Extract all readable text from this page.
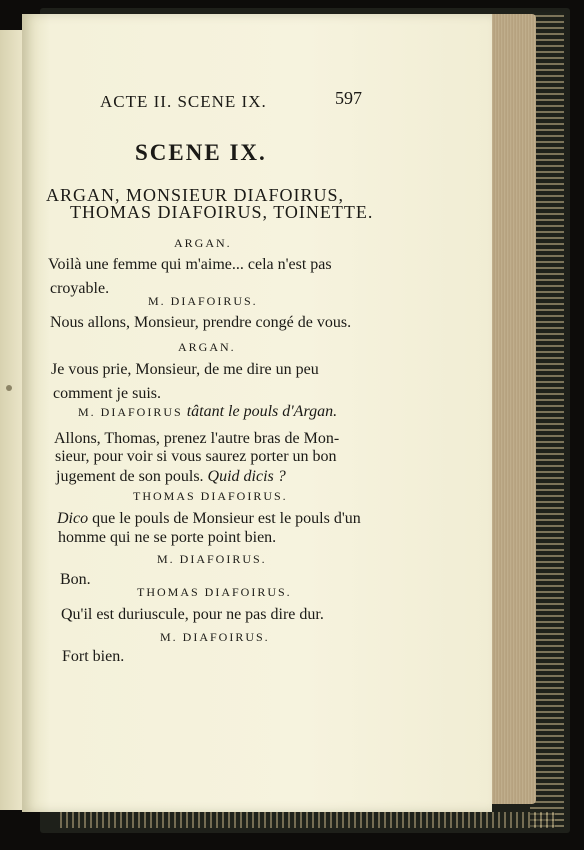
ACTE II. SCENE IX.	597
SCENE IX.
ARGAN, MONSIEUR DIAFOIRUS,
THOMAS DIAFOIRUS, TOINETTE.
ARGAN.
Voilà une femme qui m'aime... cela n'est pas
croyable.
M. DIAFOIRUS.
Nous allons, Monsieur, prendre congé de vous.
ARGAN.
Je vous prie, Monsieur, de me dire un peu
comment je suis.
M. DIAFOIRUS tâtant le pouls d'Argan.
Allons, Thomas, prenez l'autre bras de Mon-
sieur, pour voir si vous saurez porter un bon
jugement de son pouls. Quid dicis ?
THOMAS DIAFOIRUS.
Dico que le pouls de Monsieur est le pouls d'un
homme qui ne se porte point bien.
M. DIAFOIRUS.
Bon.
THOMAS DIAFOIRUS.
Qu'il est duriuscule, pour ne pas dire dur.
M. DIAFOIRUS.
Fort bien.
